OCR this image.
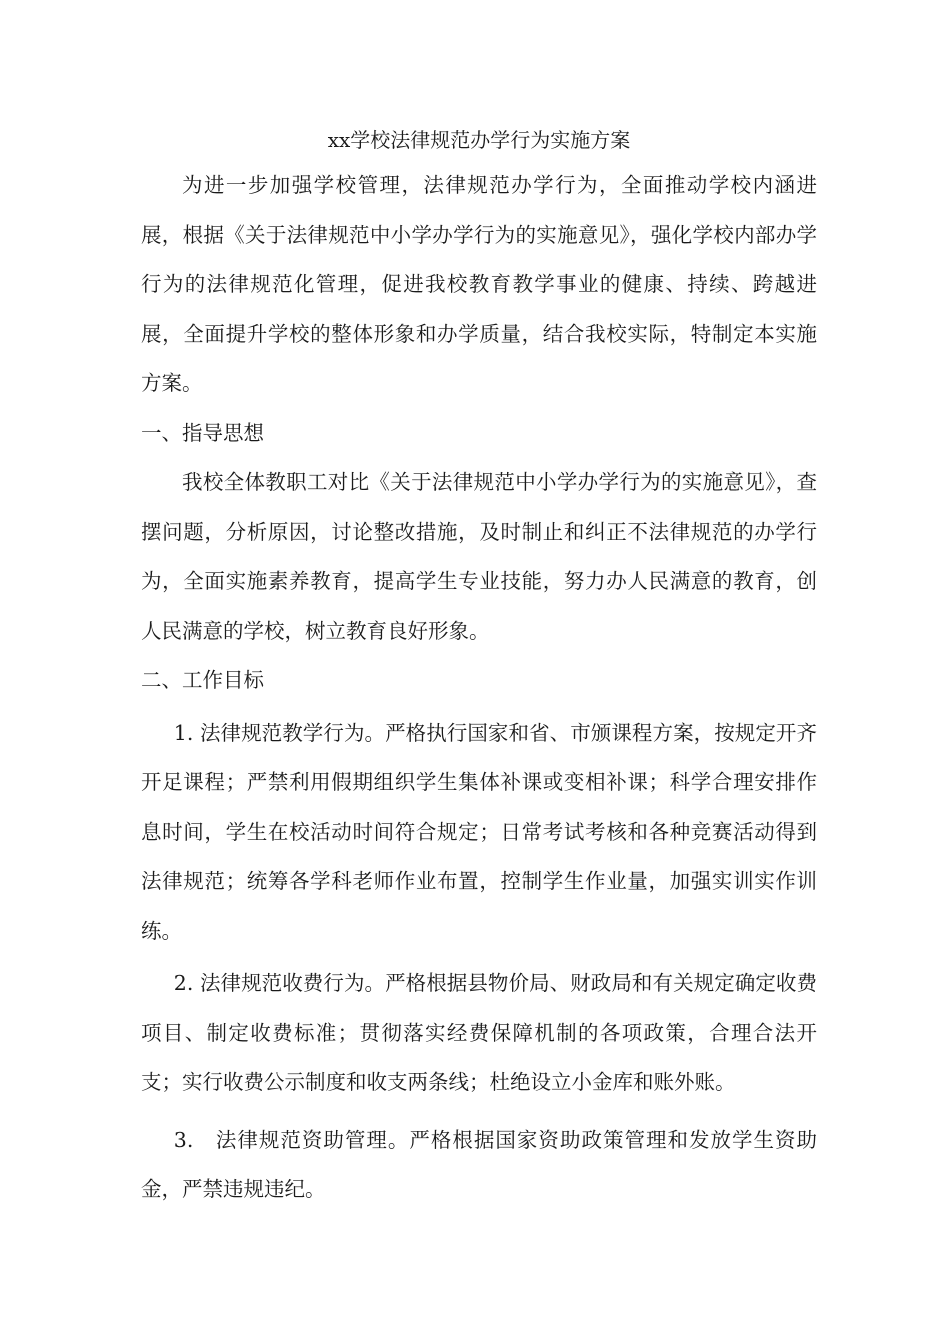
xx学校法律规范办学行为实施方案

为进一步加强学校管理，法律规范办学行为，全面推动学校内涵进展，根据《关于法律规范中小学办学行为的实施意见》，强化学校内部办学行为的法律规范化管理，促进我校教育教学事业的健康、持续、跨越进展，全面提升学校的整体形象和办学质量，结合我校实际，特制定本实施方案。

一、指导思想

我校全体教职工对比《关于法律规范中小学办学行为的实施意见》，查摆问题，分析原因，讨论整改措施，及时制止和纠正不法律规范的办学行为，全面实施素养教育，提高学生专业技能，努力办人民满意的教育，创人民满意的学校，树立教育良好形象。

二、工作目标

1. 法律规范教学行为。严格执行国家和省、市颁课程方案，按规定开齐开足课程；严禁利用假期组织学生集体补课或变相补课；科学合理安排作息时间，学生在校活动时间符合规定；日常考试考核和各种竞赛活动得到法律规范；统筹各学科老师作业布置，控制学生作业量，加强实训实作训练。

2. 法律规范收费行为。严格根据县物价局、财政局和有关规定确定收费项目、制定收费标准；贯彻落实经费保障机制的各项政策，合理合法开支；实行收费公示制度和收支两条线；杜绝设立小金库和账外账。

3.　法律规范资助管理。严格根据国家资助政策管理和发放学生资助金，严禁违规违纪。
